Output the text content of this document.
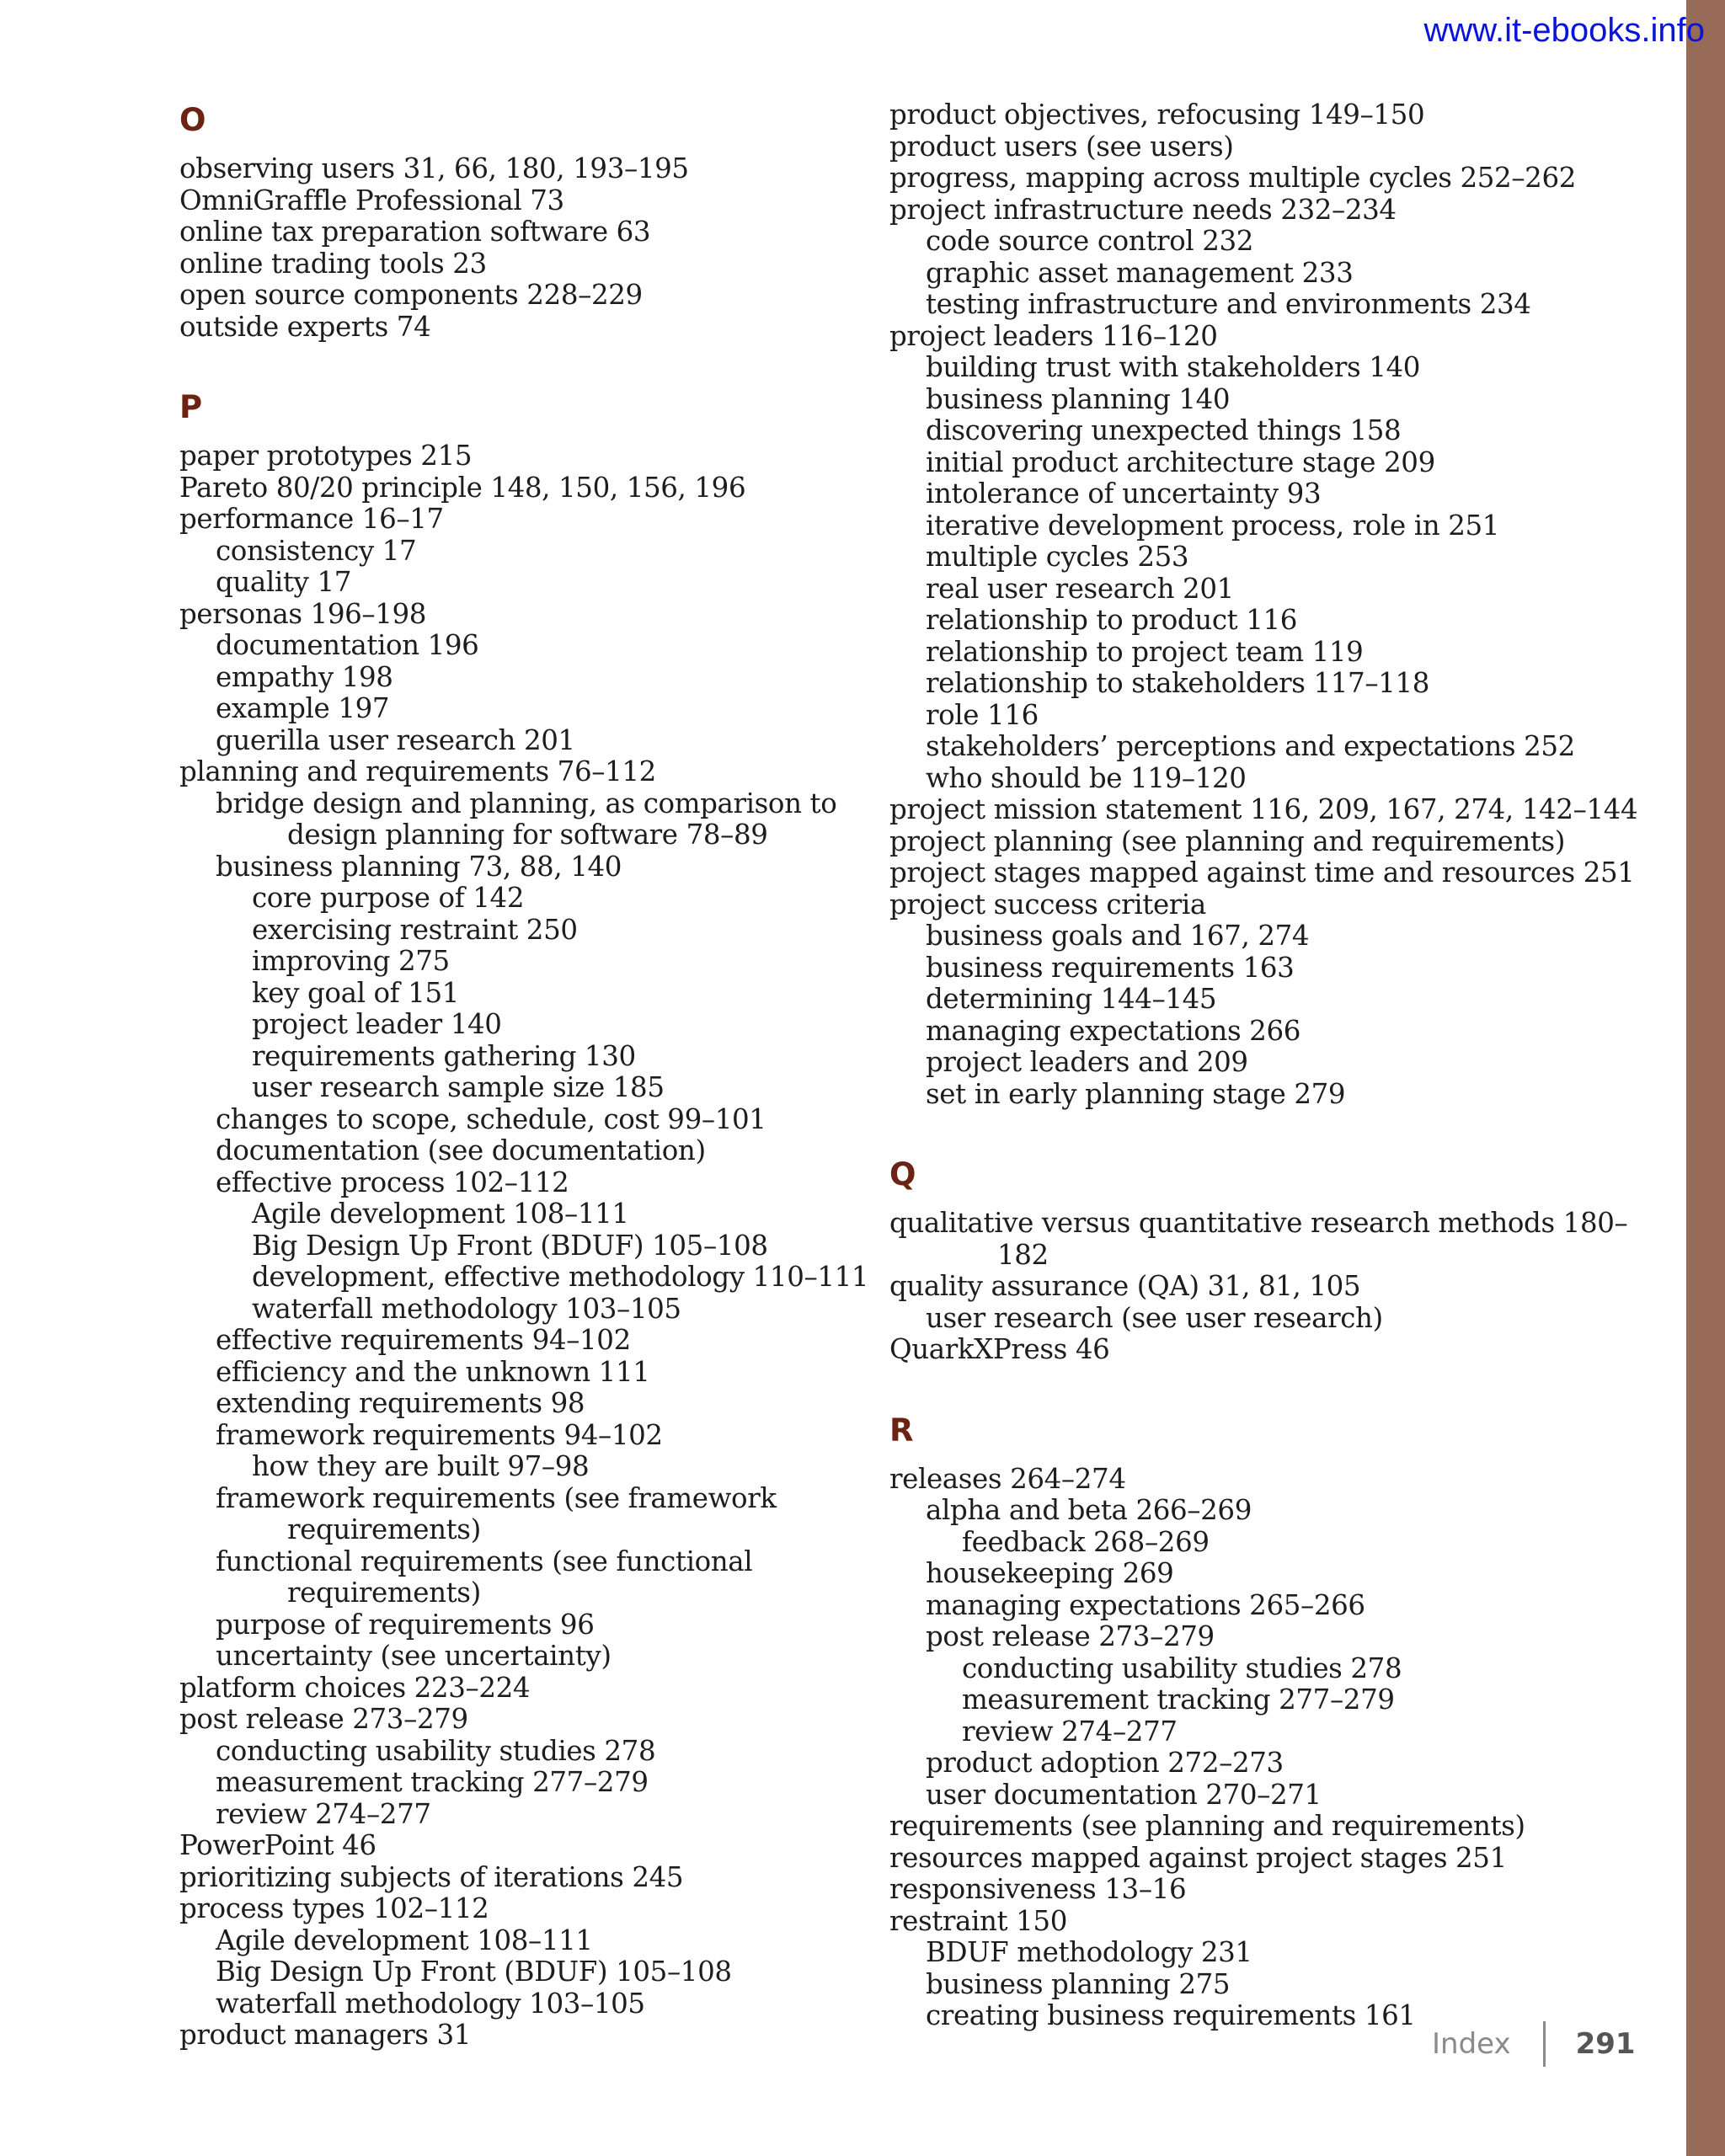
www.it-ebooks.info
O
observing users 31, 66, 180, 193–195
OmniGraffle Professional 73
online tax preparation software 63
online trading tools 23
open source components 228–229
outside experts 74
P
paper prototypes 215
Pareto 80/20 principle 148, 150, 156, 196
performance 16–17
consistency 17
quality 17
personas 196–198
documentation 196
empathy 198
example 197
guerilla user research 201
planning and requirements 76–112
bridge design and planning, as comparison to design planning for software 78–89
business planning 73, 88, 140
core purpose of 142
exercising restraint 250
improving 275
key goal of 151
project leader 140
requirements gathering 130
user research sample size 185
changes to scope, schedule, cost 99–101
documentation (see documentation)
effective process 102–112
Agile development 108–111
Big Design Up Front (BDUF) 105–108
development, effective methodology 110–111
waterfall methodology 103–105
effective requirements 94–102
efficiency and the unknown 111
extending requirements 98
framework requirements 94–102
how they are built 97–98
framework requirements (see framework requirements)
functional requirements (see functional requirements)
purpose of requirements 96
uncertainty (see uncertainty)
platform choices 223–224
post release 273–279
conducting usability studies 278
measurement tracking 277–279
review 274–277
PowerPoint 46
prioritizing subjects of iterations 245
process types 102–112
Agile development 108–111
Big Design Up Front (BDUF) 105–108
waterfall methodology 103–105
product managers 31
product objectives, refocusing 149–150
product users (see users)
progress, mapping across multiple cycles 252–262
project infrastructure needs 232–234
code source control 232
graphic asset management 233
testing infrastructure and environments 234
project leaders 116–120
building trust with stakeholders 140
business planning 140
discovering unexpected things 158
initial product architecture stage 209
intolerance of uncertainty 93
iterative development process, role in 251
multiple cycles 253
real user research 201
relationship to product 116
relationship to project team 119
relationship to stakeholders 117–118
role 116
stakeholders’ perceptions and expectations 252
who should be 119–120
project mission statement 116, 209, 167, 274, 142–144
project planning (see planning and requirements)
project stages mapped against time and resources 251
project success criteria
business goals and 167, 274
business requirements 163
determining 144–145
managing expectations 266
project leaders and 209
set in early planning stage 279
Q
qualitative versus quantitative research methods 180–182
quality assurance (QA) 31, 81, 105
user research (see user research)
QuarkXPress 46
R
releases 264–274
alpha and beta 266–269
feedback 268–269
housekeeping 269
managing expectations 265–266
post release 273–279
conducting usability studies 278
measurement tracking 277–279
review 274–277
product adoption 272–273
user documentation 270–271
requirements (see planning and requirements)
resources mapped against project stages 251
responsiveness 13–16
restraint 150
BDUF methodology 231
business planning 275
creating business requirements 161
Index 291
